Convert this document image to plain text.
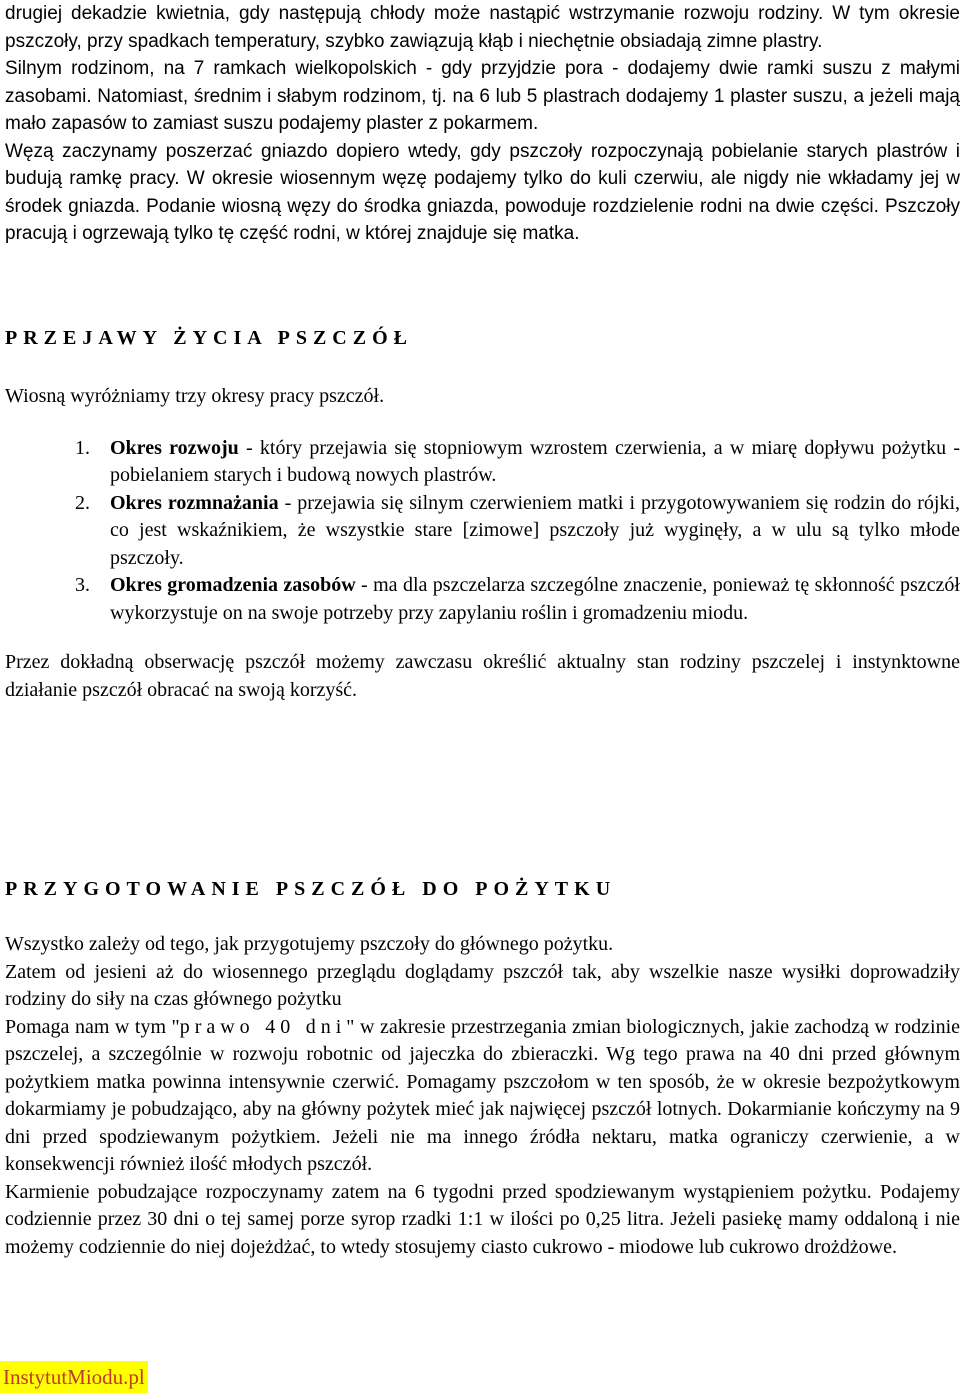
drugiej dekadzie kwietnia, gdy następują chłody może nastąpić wstrzymanie rozwoju rodziny. W tym okresie pszczoły, przy spadkach temperatury, szybko zawiązują kłąb i niechętnie obsiadają zimne plastry.

Silnym rodzinom, na 7 ramkach wielkopolskich - gdy przyjdzie pora - dodajemy dwie ramki suszu z małymi zasobami. Natomiast, średnim i słabym rodzinom, tj. na 6 lub 5 plastrach dodajemy 1 plaster suszu, a jeżeli mają mało zapasów to zamiast suszu podajemy plaster z pokarmem.

Węzą zaczynamy poszerzać gniazdo dopiero wtedy, gdy pszczoły rozpoczynają pobielanie starych plastrów i budują ramkę pracy. W okresie wiosennym węzę podajemy tylko do kuli czerwiu, ale nigdy nie wkładamy jej w środek gniazda. Podanie wiosną węzy do środka gniazda, powoduje rozdzielenie rodni na dwie części. Pszczoły pracują i ogrzewają tylko tę część rodni, w której znajduje się matka.

PRZEJAWY ŻYCIA PSZCZÓŁ

Wiosną wyróżniamy trzy okresy pracy pszczół.

1. Okres rozwoju - który przejawia się stopniowym wzrostem czerwienia, a w miarę dopływu pożytku - pobielaniem starych i budową nowych plastrów.
2. Okres rozmnażania - przejawia się silnym czerwieniem matki i przygotowywaniem się rodzin do rójki, co jest wskaźnikiem, że wszystkie stare [zimowe] pszczoły już wyginęły, a w ulu są tylko młode pszczoły.
3. Okres gromadzenia zasobów - ma dla pszczelarza szczególne znaczenie, ponieważ tę skłonność pszczół wykorzystuje on na swoje potrzeby przy zapylaniu roślin i gromadzeniu miodu.

Przez dokładną obserwację pszczół możemy zawczasu określić aktualny stan rodziny pszczelej i instynktowne działanie pszczół obracać na swoją korzyść.

PRZYGOTOWANIE PSZCZÓŁ DO POŻYTKU

Wszystko zależy od tego, jak przygotujemy pszczoły do głównego pożytku.

Zatem od jesieni aż do wiosennego przeglądu doglądamy pszczół tak, aby wszelkie nasze wysiłki doprowadziły rodziny do siły na czas głównego pożytku

Pomaga nam w tym "prawo 40 dni" w zakresie przestrzegania zmian biologicznych, jakie zachodzą w rodzinie pszczelej, a szczególnie w rozwoju robotnic od jajeczka do zbieraczki. Wg tego prawa na 40 dni przed głównym pożytkiem matka powinna intensywnie czerwić. Pomagamy pszczołom w ten sposób, że w okresie bezpożytkowym dokarmiamy je pobudzająco, aby na główny pożytek mieć jak najwięcej pszczół lotnych. Dokarmianie kończymy na 9 dni przed spodziewanym pożytkiem. Jeżeli nie ma innego źródła nektaru, matka ograniczy czerwienie, a w konsekwencji również ilość młodych pszczół.

Karmienie pobudzające rozpoczynamy zatem na 6 tygodni przed spodziewanym wystąpieniem pożytku. Podajemy codziennie przez 30 dni o tej samej porze syrop rzadki 1:1 w ilości po 0,25 litra. Jeżeli pasiekę mamy oddaloną i nie możemy codziennie do niej dojeżdżać, to wtedy stosujemy ciasto cukrowo - miodowe lub cukrowo drożdżowe.

InstytutMiodu.pl
